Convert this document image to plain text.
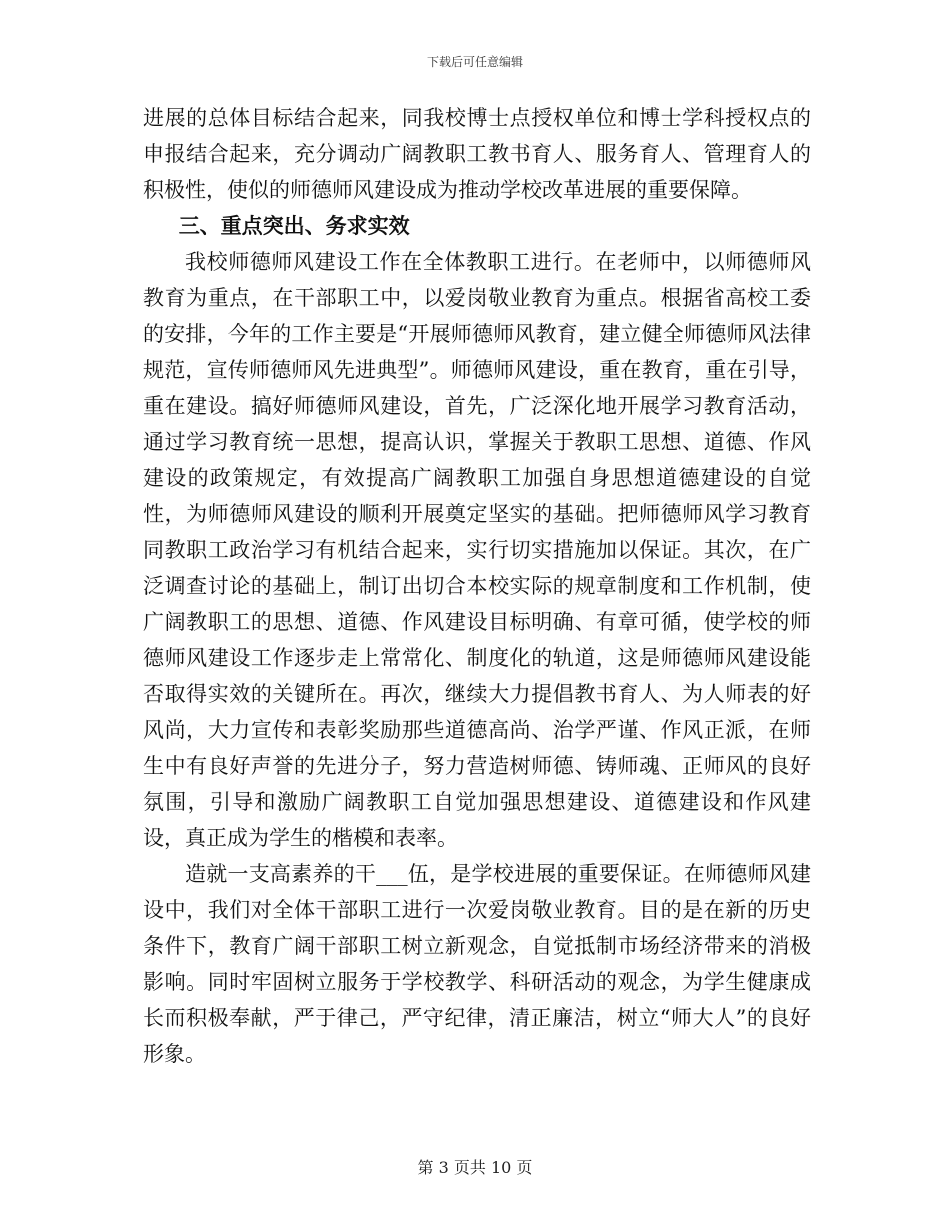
下载后可任意编辑

进展的总体目标结合起来，同我校博士点授权单位和博士学科授权点的申报结合起来，充分调动广阔教职工教书育人、服务育人、管理育人的积极性，使似的师德师风建设成为推动学校改革进展的重要保障。

三、重点突出、务求实效

我校师德师风建设工作在全体教职工进行。在老师中，以师德师风教育为重点，在干部职工中，以爱岗敬业教育为重点。根据省高校工委的安排，今年的工作主要是“开展师德师风教育，建立健全师德师风法律规范，宣传师德师风先进典型”。师德师风建设，重在教育，重在引导，重在建设。搞好师德师风建设，首先，广泛深化地开展学习教育活动，通过学习教育统一思想，提高认识，掌握关于教职工思想、道德、作风建设的政策规定，有效提高广阔教职工加强自身思想道德建设的自觉性，为师德师风建设的顺利开展奠定坚实的基础。把师德师风学习教育同教职工政治学习有机结合起来，实行切实措施加以保证。其次，在广泛调查讨论的基础上，制订出切合本校实际的规章制度和工作机制，使广阔教职工的思想、道德、作风建设目标明确、有章可循，使学校的师德师风建设工作逐步走上常常化、制度化的轨道，这是师德师风建设能否取得实效的关键所在。再次，继续大力提倡教书育人、为人师表的好风尚，大力宣传和表彰奖励那些道德高尚、治学严谨、作风正派，在师生中有良好声誉的先进分子，努力营造树师德、铸师魂、正师风的良好氛围，引导和激励广阔教职工自觉加强思想建设、道德建设和作风建设，真正成为学生的楷模和表率。

造就一支高素养的干___伍，是学校进展的重要保证。在师德师风建设中，我们对全体干部职工进行一次爱岗敬业教育。目的是在新的历史条件下，教育广阔干部职工树立新观念，自觉抵制市场经济带来的消极影响。同时牢固树立服务于学校教学、科研活动的观念，为学生健康成长而积极奉献，严于律己，严守纪律，清正廉洁，树立“师大人”的良好形象。

第 3 页共 10 页
